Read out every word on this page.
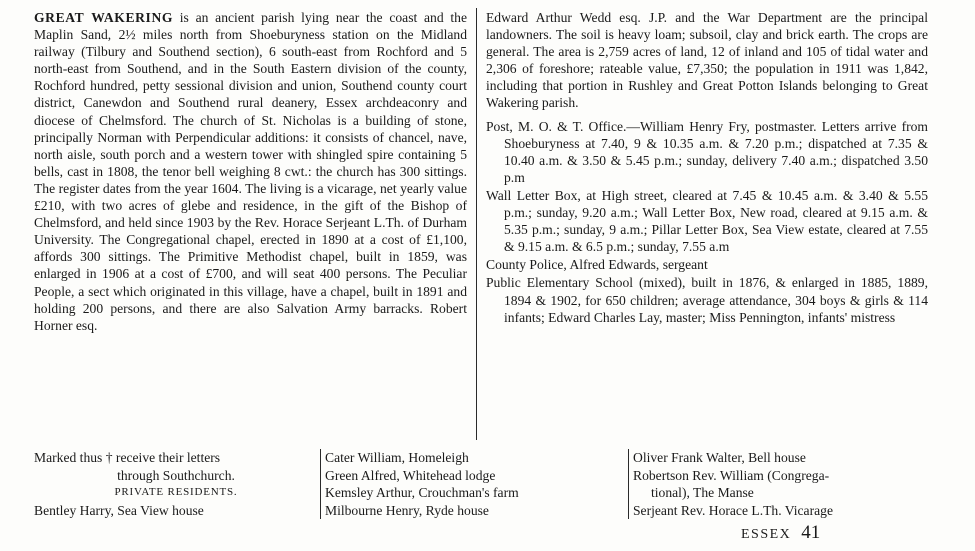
GREAT WAKERING is an ancient parish lying near the coast and the Maplin Sand, 2½ miles north from Shoeburyness station on the Midland railway (Tilbury and Southend section), 6 south-east from Rochford and 5 north-east from Southend, and in the South Eastern division of the county, Rochford hundred, petty sessional division and union, Southend county court district, Canewdon and Southend rural deanery, Essex archdeaconry and diocese of Chelmsford. The church of St. Nicholas is a building of stone, principally Norman with Perpendicular additions: it consists of chancel, nave, north aisle, south porch and a western tower with shingled spire containing 5 bells, cast in 1808, the tenor bell weighing 8 cwt.: the church has 300 sittings. The register dates from the year 1604. The living is a vicarage, net yearly value £210, with two acres of glebe and residence, in the gift of the Bishop of Chelmsford, and held since 1903 by the Rev. Horace Serjeant L.Th. of Durham University. The Congregational chapel, erected in 1890 at a cost of £1,100, affords 300 sittings. The Primitive Methodist chapel, built in 1859, was enlarged in 1906 at a cost of £700, and will seat 400 persons. The Peculiar People, a sect which originated in this village, have a chapel, built in 1891 and holding 200 persons, and there are also Salvation Army barracks. Robert Horner esq.

Edward Arthur Wedd esq. J.P. and the War Department are the principal landowners. The soil is heavy loam; subsoil, clay and brick earth. The crops are general. The area is 2,759 acres of land, 12 of inland and 105 of tidal water and 2,306 of foreshore; rateable value, £7,350; the population in 1911 was 1,842, including that portion in Rushley and Great Potton Islands belonging to Great Wakering parish.

Post, M. O. & T. Office.—William Henry Fry, postmaster. Letters arrive from Shoeburyness at 7.40, 9 & 10.35 a.m. & 7.20 p.m.; dispatched at 7.35 & 10.40 a.m. & 3.50 & 5.45 p.m.; sunday, delivery 7.40 a.m.; dispatched 3.50 p.m

Wall Letter Box, at High street, cleared at 7.45 & 10.45 a.m. & 3.40 & 5.55 p.m.; sunday, 9.20 a.m.; Wall Letter Box, New road, cleared at 9.15 a.m. & 5.35 p.m.; sunday, 9 a.m.; Pillar Letter Box, Sea View estate, cleared at 7.55 & 9.15 a.m. & 6.5 p.m.; sunday, 7.55 a.m

County Police, Alfred Edwards, sergeant

Public Elementary School (mixed), built in 1876, & enlarged in 1885, 1889, 1894 & 1902, for 650 children; average attendance, 304 boys & girls & 114 infants; Edward Charles Lay, master; Miss Pennington, infants' mistress

Marked thus † receive their letters
through Southchurch.
PRIVATE RESIDENTS.
Bentley Harry, Sea View house
Cater William, Homeleigh
Green Alfred, Whitehead lodge
Kemsley Arthur, Crouchman's farm
Milbourne Henry, Ryde house
Oliver Frank Walter, Bell house
Robertson Rev. William (Congrega-
tional), The Manse
Serjeant Rev. Horace L.Th. Vicarage
ESSEX 41
